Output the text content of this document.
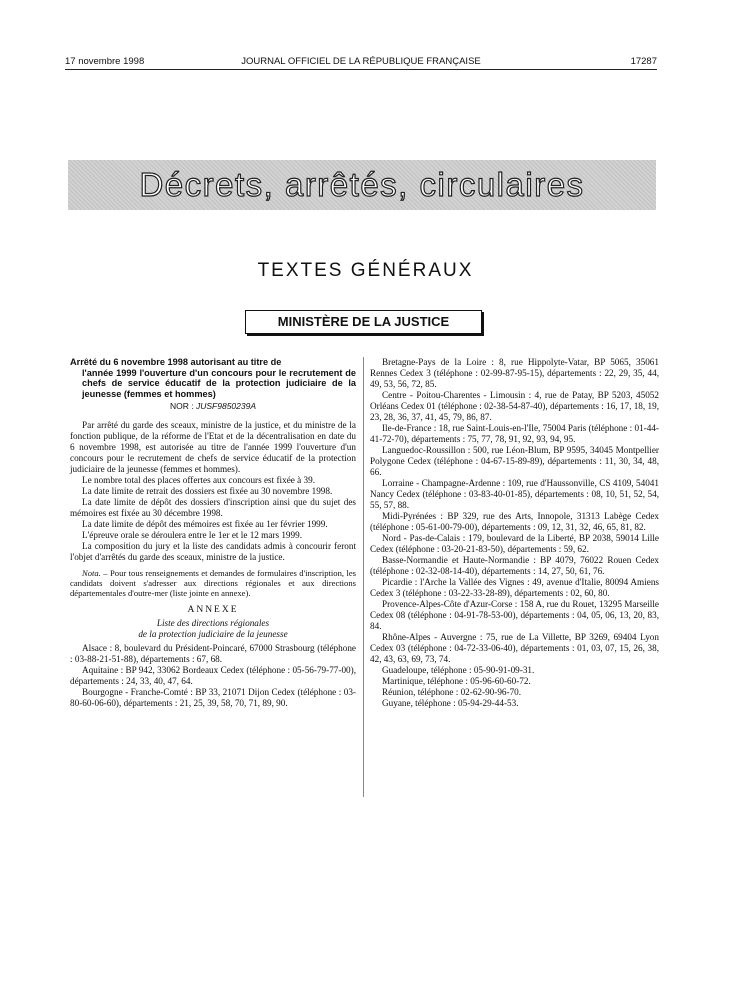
17 novembre 1998	JOURNAL OFFICIEL DE LA RÉPUBLIQUE FRANÇAISE	17287
Décrets, arrêtés, circulaires
TEXTES GÉNÉRAUX
MINISTÈRE DE LA JUSTICE

Arrêté du 6 novembre 1998 autorisant au titre de
l'année 1999 l'ouverture d'un concours pour le recrutement de chefs de service éducatif de la protection judiciaire de la jeunesse (femmes et hommes)

NOR : JUSF9850239A

Par arrêté du garde des sceaux, ministre de la justice, et du ministre de la fonction publique, de la réforme de l'Etat et de la décentralisation en date du 6 novembre 1998, est autorisée au titre de l'année 1999 l'ouverture d'un concours pour le recrutement de chefs de service éducatif de la protection judiciaire de la jeunesse (femmes et hommes).

Le nombre total des places offertes aux concours est fixée à 39.

La date limite de retrait des dossiers est fixée au 30 novembre 1998.

La date limite de dépôt des dossiers d'inscription ainsi que du sujet des mémoires est fixée au 30 décembre 1998.

La date limite de dépôt des mémoires est fixée au 1er février 1999.

L'épreuve orale se déroulera entre le 1er et le 12 mars 1999.

La composition du jury et la liste des candidats admis à concourir feront l'objet d'arrêtés du garde des sceaux, ministre de la justice.

Nota. – Pour tous renseignements et demandes de formulaires d'inscription, les candidats doivent s'adresser aux directions régionales et aux directions départementales d'outre-mer (liste jointe en annexe).

ANNEXE

Liste des directions régionales

de la protection judiciaire de la jeunesse

Alsace : 8, boulevard du Président-Poincaré, 67000 Strasbourg (téléphone : 03-88-21-51-88), départements : 67, 68.

Aquitaine : BP 942, 33062 Bordeaux Cedex (téléphone : 05-56-79-77-00), départements : 24, 33, 40, 47, 64.

Bourgogne - Franche-Comté : BP 33, 21071 Dijon Cedex (téléphone : 03-80-60-06-60), départements : 21, 25, 39, 58, 70, 71, 89, 90.

Bretagne-Pays de la Loire : 8, rue Hippolyte-Vatar, BP 5065, 35061 Rennes Cedex 3 (téléphone : 02-99-87-95-15), départements : 22, 29, 35, 44, 49, 53, 56, 72, 85.

Centre - Poitou-Charentes - Limousin : 4, rue de Patay, BP 5203, 45052 Orléans Cedex 01 (téléphone : 02-38-54-87-40), départements : 16, 17, 18, 19, 23, 28, 36, 37, 41, 45, 79, 86, 87.

Ile-de-France : 18, rue Saint-Louis-en-l'Ile, 75004 Paris (téléphone : 01-44-41-72-70), départements : 75, 77, 78, 91, 92, 93, 94, 95.

Languedoc-Roussillon : 500, rue Léon-Blum, BP 9595, 34045 Montpellier Polygone Cedex (téléphone : 04-67-15-89-89), départements : 11, 30, 34, 48, 66.

Lorraine - Champagne-Ardenne : 109, rue d'Haussonville, CS 4109, 54041 Nancy Cedex (téléphone : 03-83-40-01-85), départements : 08, 10, 51, 52, 54, 55, 57, 88.

Midi-Pyrénées : BP 329, rue des Arts, Innopole, 31313 Labège Cedex (téléphone : 05-61-00-79-00), départements : 09, 12, 31, 32, 46, 65, 81, 82.

Nord - Pas-de-Calais : 179, boulevard de la Liberté, BP 2038, 59014 Lille Cedex (téléphone : 03-20-21-83-50), départements : 59, 62.

Basse-Normandie et Haute-Normandie : BP 4079, 76022 Rouen Cedex (téléphone : 02-32-08-14-40), départements : 14, 27, 50, 61, 76.

Picardie : l'Arche la Vallée des Vignes : 49, avenue d'Italie, 80094 Amiens Cedex 3 (téléphone : 03-22-33-28-89), départements : 02, 60, 80.

Provence-Alpes-Côte d'Azur-Corse : 158 A, rue du Rouet, 13295 Marseille Cedex 08 (téléphone : 04-91-78-53-00), départements : 04, 05, 06, 13, 20, 83, 84.

Rhône-Alpes - Auvergne : 75, rue de La Villette, BP 3269, 69404 Lyon Cedex 03 (téléphone : 04-72-33-06-40), départements : 01, 03, 07, 15, 26, 38, 42, 43, 63, 69, 73, 74.

Guadeloupe, téléphone : 05-90-91-09-31.

Martinique, téléphone : 05-96-60-60-72.

Réunion, téléphone : 02-62-90-96-70.

Guyane, téléphone : 05-94-29-44-53.
